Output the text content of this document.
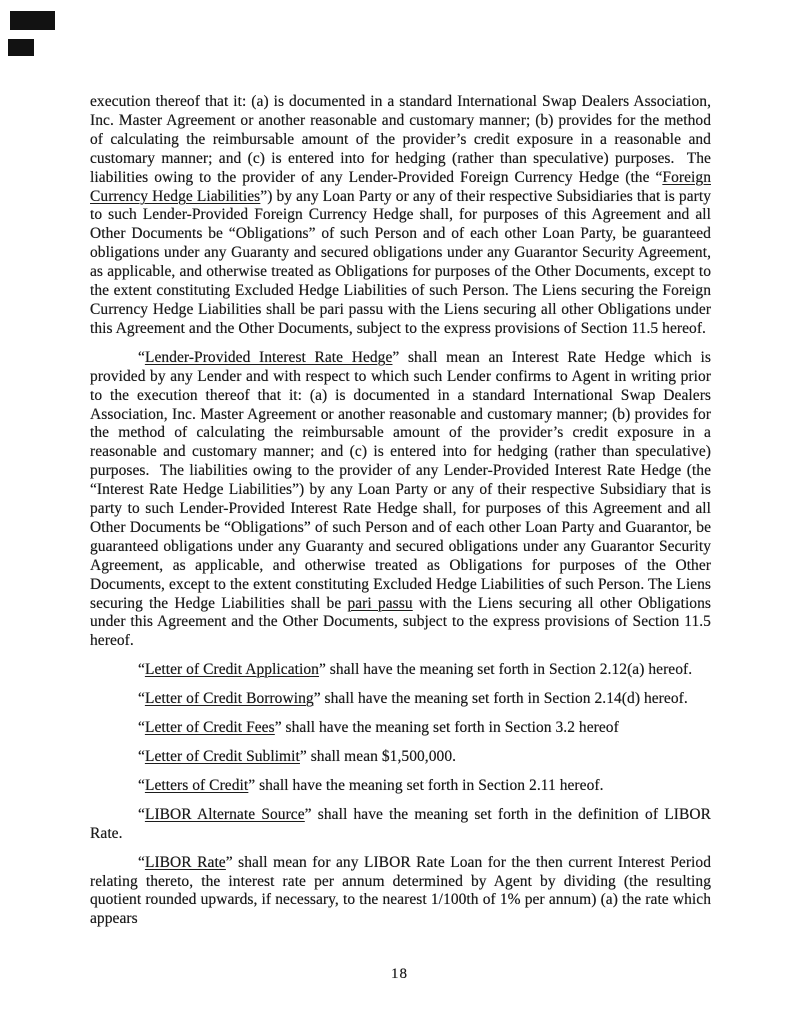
execution thereof that it: (a) is documented in a standard International Swap Dealers Association, Inc. Master Agreement or another reasonable and customary manner; (b) provides for the method of calculating the reimbursable amount of the provider’s credit exposure in a reasonable and customary manner; and (c) is entered into for hedging (rather than speculative) purposes.  The liabilities owing to the provider of any Lender-Provided Foreign Currency Hedge (the “Foreign Currency Hedge Liabilities”) by any Loan Party or any of their respective Subsidiaries that is party to such Lender-Provided Foreign Currency Hedge shall, for purposes of this Agreement and all Other Documents be “Obligations” of such Person and of each other Loan Party, be guaranteed obligations under any Guaranty and secured obligations under any Guarantor Security Agreement, as applicable, and otherwise treated as Obligations for purposes of the Other Documents, except to the extent constituting Excluded Hedge Liabilities of such Person. The Liens securing the Foreign Currency Hedge Liabilities shall be pari passu with the Liens securing all other Obligations under this Agreement and the Other Documents, subject to the express provisions of Section 11.5 hereof.

“Lender-Provided Interest Rate Hedge” shall mean an Interest Rate Hedge which is provided by any Lender and with respect to which such Lender confirms to Agent in writing prior to the execution thereof that it: (a) is documented in a standard International Swap Dealers Association, Inc. Master Agreement or another reasonable and customary manner; (b) provides for the method of calculating the reimbursable amount of the provider’s credit exposure in a reasonable and customary manner; and (c) is entered into for hedging (rather than speculative) purposes.  The liabilities owing to the provider of any Lender-Provided Interest Rate Hedge (the “Interest Rate Hedge Liabilities”) by any Loan Party or any of their respective Subsidiary that is party to such Lender-Provided Interest Rate Hedge shall, for purposes of this Agreement and all Other Documents be “Obligations” of such Person and of each other Loan Party and Guarantor, be guaranteed obligations under any Guaranty and secured obligations under any Guarantor Security Agreement, as applicable, and otherwise treated as Obligations for purposes of the Other Documents, except to the extent constituting Excluded Hedge Liabilities of such Person. The Liens securing the Hedge Liabilities shall be pari passu with the Liens securing all other Obligations under this Agreement and the Other Documents, subject to the express provisions of Section 11.5 hereof.

“Letter of Credit Application” shall have the meaning set forth in Section 2.12(a) hereof.

“Letter of Credit Borrowing” shall have the meaning set forth in Section 2.14(d) hereof.

“Letter of Credit Fees” shall have the meaning set forth in Section 3.2 hereof

“Letter of Credit Sublimit” shall mean $1,500,000.

“Letters of Credit” shall have the meaning set forth in Section 2.11 hereof.

“LIBOR Alternate Source” shall have the meaning set forth in the definition of LIBOR Rate.

“LIBOR Rate” shall mean for any LIBOR Rate Loan for the then current Interest Period relating thereto, the interest rate per annum determined by Agent by dividing (the resulting quotient rounded upwards, if necessary, to the nearest 1/100th of 1% per annum) (a) the rate which appears

18
